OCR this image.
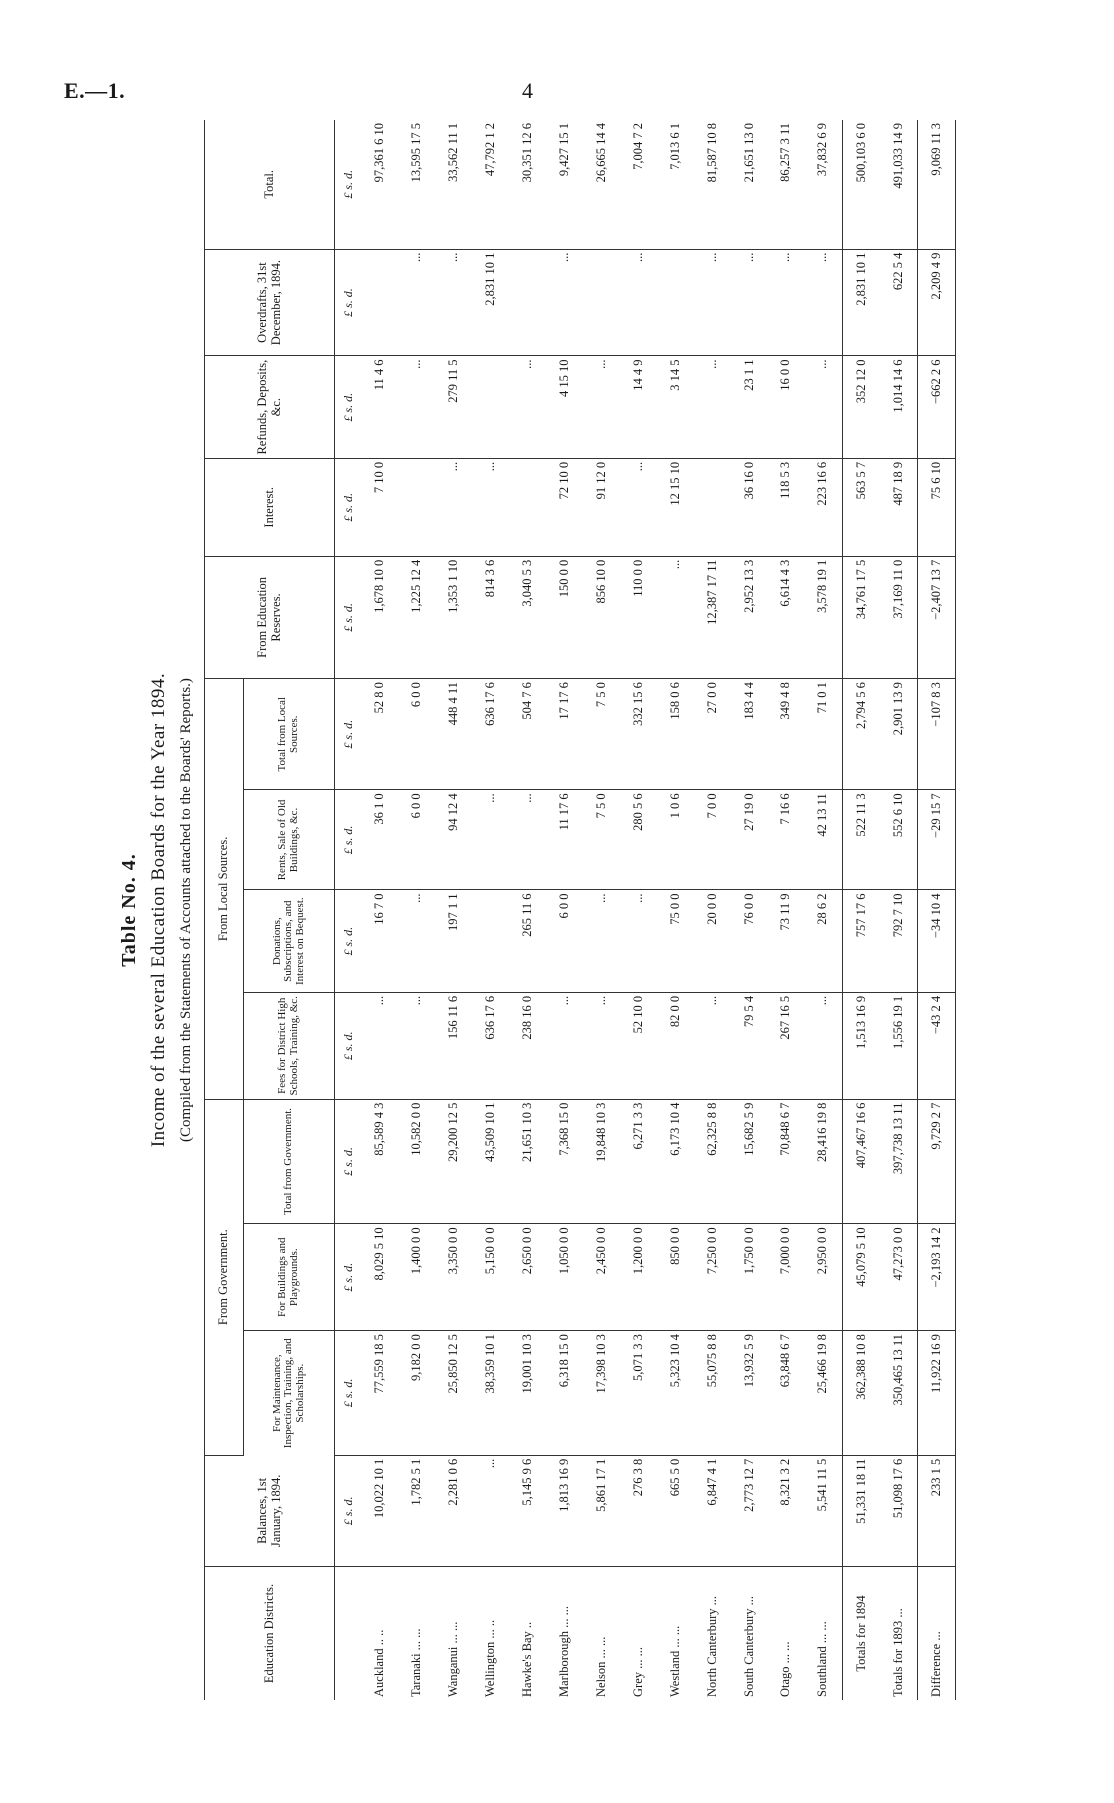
E.—1.	4
Table No. 4. Income of the several Education Boards for the Year 1894. (Compiled from the Statements of Accounts attached to the Boards' Reports.)
Education Districts.	Balances, 1st January, 1894.	From Government.			From Local Sources.				From Education Reserves.	Interest.	Refunds, Deposits, &c.	Overdrafts, 31st December, 1894.	Total.
		For Maintenance, Inspection, Training, and Scholarships.	For Buildings and Playgrounds.	Total from Government.	Fees for District High Schools, Training, &c.	Donations, Subscriptions, and Interest on Bequest.	Rents, Sale of Old Buildings, &c.	Total from Local Sources.					
	£ s. d.	£ s. d.	£ s. d.	£ s. d.	£ s. d.	£ s. d.	£ s. d.	£ s. d.	£ s. d.	£ s. d.	£ s. d.	£ s. d.	£ s. d.
Auckland .. ..	10,022 10 1	77,559 18 5	8,029 5 10	85,589 4 3	...	16 7 0	36 1 0	52 8 0	1,678 10 0	7 10 0	11 4 6		97,361 6 10
Taranaki ... ...	1,782 5 1	9,182 0 0	1,400 0 0	10,582 0 0	...	...	6 0 0	6 0 0	1,225 12 4		...	...	13,595 17 5
Wanganui ... ...	2,281 0 6	25,850 12 5	3,350 0 0	29,200 12 5	156 11 6	197 1 1	94 12 4	448 4 11	1,353 1 10	...	279 11 5	...	33,562 11 1
Wellington ... ..	...	38,359 10 1	5,150 0 0	43,509 10 1	636 17 6		...	636 17 6	814 3 6	...		2,831 10 1	47,792 1 2
Hawke's Bay ..	5,145 9 6	19,001 10 3	2,650 0 0	21,651 10 3	238 16 0	265 11 6	...	504 7 6	3,040 5 3		...		30,351 12 6
Marlborough ... ...	1,813 16 9	6,318 15 0	1,050 0 0	7,368 15 0	...	6 0 0	11 17 6	17 17 6	150 0 0	72 10 0	4 15 10	...	9,427 15 1
Nelson ... ...	5,861 17 1	17,398 10 3	2,450 0 0	19,848 10 3	...	...	7 5 0	7 5 0	856 10 0	91 12 0	...		26,665 14 4
Grey ... ...	276 3 8	5,071 3 3	1,200 0 0	6,271 3 3	52 10 0	...	280 5 6	332 15 6	110 0 0	...	14 4 9	...	7,004 7 2
Westland ... ...	665 5 0	5,323 10 4	850 0 0	6,173 10 4	82 0 0	75 0 0	1 0 6	158 0 6	...	12 15 10	3 14 5		7,013 6 1
North Canterbury ...	6,847 4 1	55,075 8 8	7,250 0 0	62,325 8 8	...	20 0 0	7 0 0	27 0 0	12,387 17 11		...	...	81,587 10 8
South Canterbury ...	2,773 12 7	13,932 5 9	1,750 0 0	15,682 5 9	79 5 4	76 0 0	27 19 0	183 4 4	2,952 13 3	36 16 0	23 1 1	...	21,651 13 0
Otago ... ...	8,321 3 2	63,848 6 7	7,000 0 0	70,848 6 7	267 16 5	73 11 9	7 16 6	349 4 8	6,614 4 3	118 5 3	16 0 0	...	86,257 3 11
Southland ... ...	5,541 11 5	25,466 19 8	2,950 0 0	28,416 19 8	...	28 6 2	42 13 11	71 0 1	3,578 19 1	223 16 6	...	...	37,832 6 9
Totals for 1894	51,331 18 11	362,388 10 8	45,079 5 10	407,467 16 6	1,513 16 9	757 17 6	522 11 3	2,794 5 6	34,761 17 5	563 5 7	352 12 0	2,831 10 1	500,103 6 0
Totals for 1893 ...	51,098 17 6	350,465 13 11	47,273 0 0	397,738 13 11	1,556 19 1	792 7 10	552 6 10	2,901 13 9	37,169 11 0	487 18 9	1,014 14 6	622 5 4	491,033 14 9
Difference ...	233 1 5	11,922 16 9	−2,193 14 2	9,729 2 7	−43 2 4	−34 10 4	−29 15 7	−107 8 3	−2,407 13 7	75 6 10	−662 2 6	2,209 4 9	9,069 11 3
